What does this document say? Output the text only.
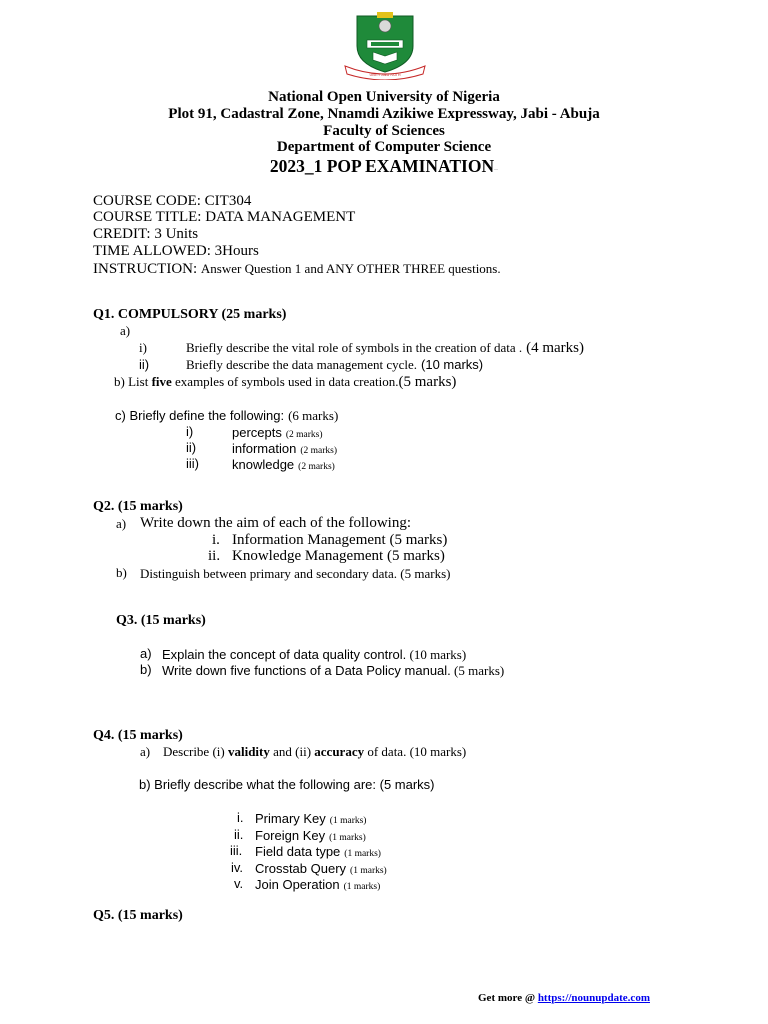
UNITY AND FAITH
National Open University of Nigeria
Plot 91, Cadastral Zone, Nnamdi Azikiwe Expressway, Jabi - Abuja
Faculty of Sciences
Department of Computer Science
2023_1 POP EXAMINATION....
COURSE CODE: CIT304
COURSE TITLE: DATA MANAGEMENT
CREDIT: 3 Units
TIME ALLOWED: 3Hours
INSTRUCTION: Answer Question 1 and ANY OTHER THREE questions.
Q1. COMPULSORY (25 marks)
a)
i)	Briefly describe the vital role of symbols in the creation of data . (4 marks)
ii)	Briefly describe the data management cycle. (10 marks)
b) List five examples of symbols used in data creation.(5 marks)
c) Briefly define the following: (6 marks)
i)	percepts (2 marks)
ii)	information (2 marks)
iii)	knowledge (2 marks)
Q2. (15 marks)
a) Write down the aim of each of the following:
i. Information Management (5 marks)
ii. Knowledge Management (5 marks)
b) Distinguish between primary and secondary data. (5 marks)
Q3. (15 marks)
a) Explain the concept of data quality control. (10 marks)
b) Write down five functions of a Data Policy manual. (5 marks)
Q4. (15 marks)
a) Describe (i) validity and (ii) accuracy of data. (10 marks)
b) Briefly describe what the following are: (5 marks)
i. Primary Key (1 marks)
ii. Foreign Key (1 marks)
iii. Field data type (1 marks)
iv. Crosstab Query (1 marks)
v. Join Operation (1 marks)
Q5. (15 marks)
Get more @ https://nounupdate.com
